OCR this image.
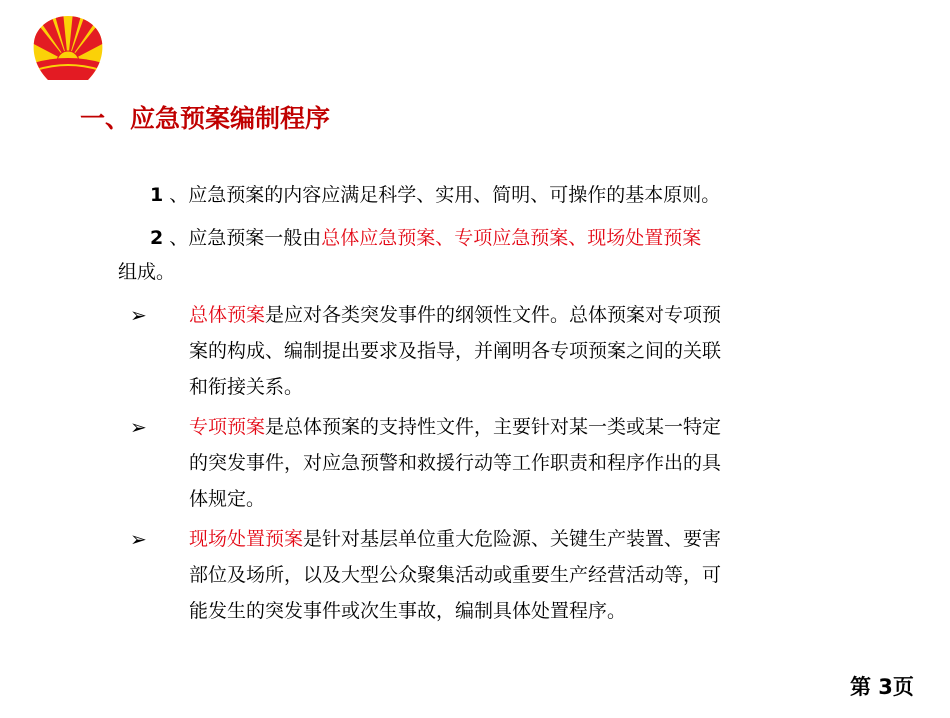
一、应急预案编制程序
1 、应急预案的内容应满足科学、实用、简明、可操作的基本原则。
2 、应急预案一般由总体应急预案、专项应急预案、现场处置预案
组成。
➢ 总体预案是应对各类突发事件的纲领性文件。总体预案对专项预
案的构成、编制提出要求及指导，并阐明各专项预案之间的关联
和衔接关系。
➢ 专项预案是总体预案的支持性文件，主要针对某一类或某一特定
的突发事件，对应急预警和救援行动等工作职责和程序作出的具
体规定。
➢ 现场处置预案是针对基层单位重大危险源、关键生产装置、要害
部位及场所，以及大型公众聚集活动或重要生产经营活动等，可
能发生的突发事件或次生事故，编制具体处置程序。
第 3页
